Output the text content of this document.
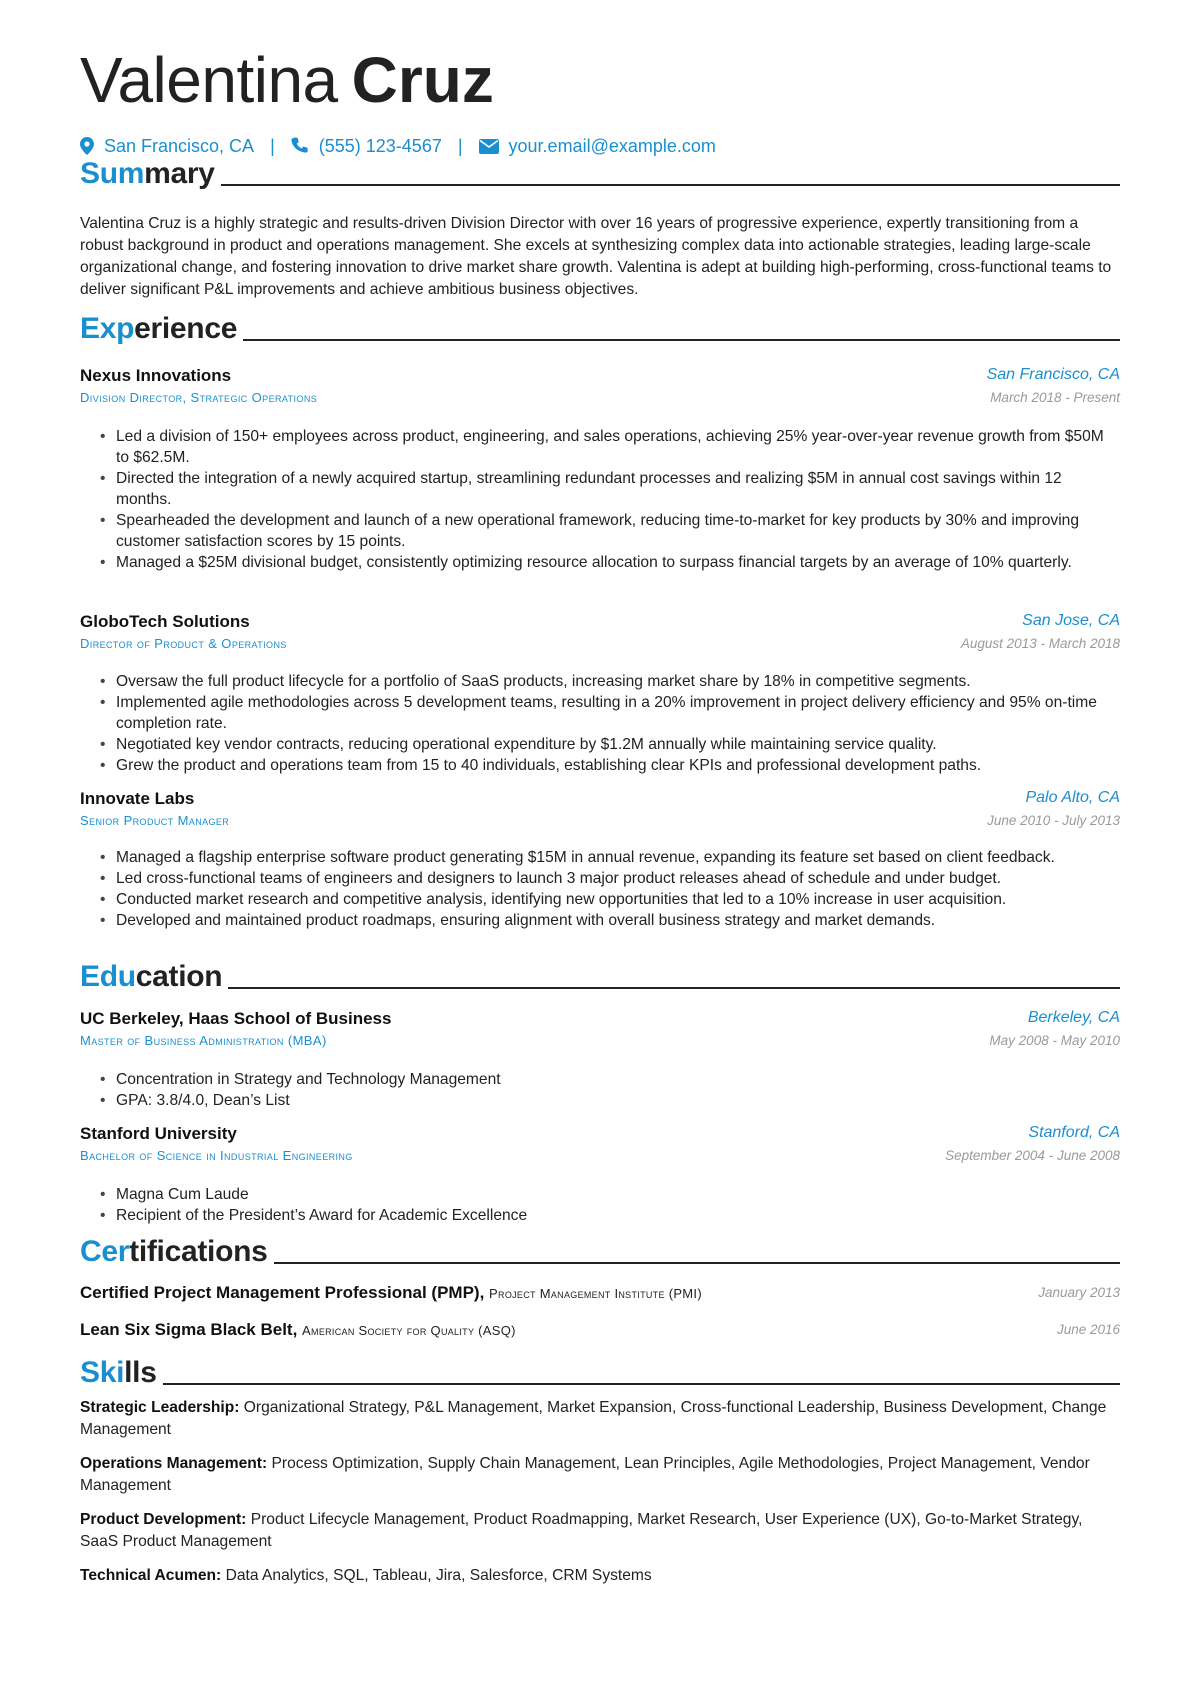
Valentina Cruz
San Francisco, CA | (555) 123-4567 |	your.email@example.com
Summary
Valentina Cruz is a highly strategic and results-driven Division Director with over 16 years of progressive experience, expertly transitioning from a robust background in product and operations management. She excels at synthesizing complex data into actionable strategies, leading large-scale organizational change, and fostering innovation to drive market share growth. Valentina is adept at building high-performing, cross-functional teams to deliver significant P&L improvements and achieve ambitious business objectives.
Experience
Nexus Innovations	San Francisco, CA
Division Director, Strategic Operations	March 2018 - Present
• Led a division of 150+ employees across product, engineering, and sales operations, achieving 25% year-over-year revenue growth from $50M to $62.5M.
• Directed the integration of a newly acquired startup, streamlining redundant processes and realizing $5M in annual cost savings within 12 months.
• Spearheaded the development and launch of a new operational framework, reducing time-to-market for key products by 30% and improving customer satisfaction scores by 15 points.
• Managed a $25M divisional budget, consistently optimizing resource allocation to surpass financial targets by an average of 10% quarterly.
GloboTech Solutions	San Jose, CA
Director of Product & Operations	August 2013 - March 2018
• Oversaw the full product lifecycle for a portfolio of SaaS products, increasing market share by 18% in competitive segments.
• Implemented agile methodologies across 5 development teams, resulting in a 20% improvement in project delivery efficiency and 95% on-time completion rate.
• Negotiated key vendor contracts, reducing operational expenditure by $1.2M annually while maintaining service quality.
• Grew the product and operations team from 15 to 40 individuals, establishing clear KPIs and professional development paths.
Innovate Labs	Palo Alto, CA
Senior Product Manager	June 2010 - July 2013
• Managed a flagship enterprise software product generating $15M in annual revenue, expanding its feature set based on client feedback.
• Led cross-functional teams of engineers and designers to launch 3 major product releases ahead of schedule and under budget.
• Conducted market research and competitive analysis, identifying new opportunities that led to a 10% increase in user acquisition.
• Developed and maintained product roadmaps, ensuring alignment with overall business strategy and market demands.
Education
UC Berkeley, Haas School of Business	Berkeley, CA
Master of Business Administration (MBA)	May 2008 - May 2010
• Concentration in Strategy and Technology Management
• GPA: 3.8/4.0, Dean’s List
Stanford University	Stanford, CA
Bachelor of Science in Industrial Engineering	September 2004 - June 2008
• Magna Cum Laude
• Recipient of the President’s Award for Academic Excellence
Certifications
Certified Project Management Professional (PMP), Project Management Institute (PMI)	January 2013
Lean Six Sigma Black Belt, American Society for Quality (ASQ)	June 2016
Skills
Strategic Leadership: Organizational Strategy, P&L Management, Market Expansion, Cross-functional Leadership, Business Development, Change Management
Operations Management: Process Optimization, Supply Chain Management, Lean Principles, Agile Methodologies, Project Management, Vendor Management
Product Development: Product Lifecycle Management, Product Roadmapping, Market Research, User Experience (UX), Go-to-Market Strategy, SaaS Product Management
Technical Acumen: Data Analytics, SQL, Tableau, Jira, Salesforce, CRM Systems
